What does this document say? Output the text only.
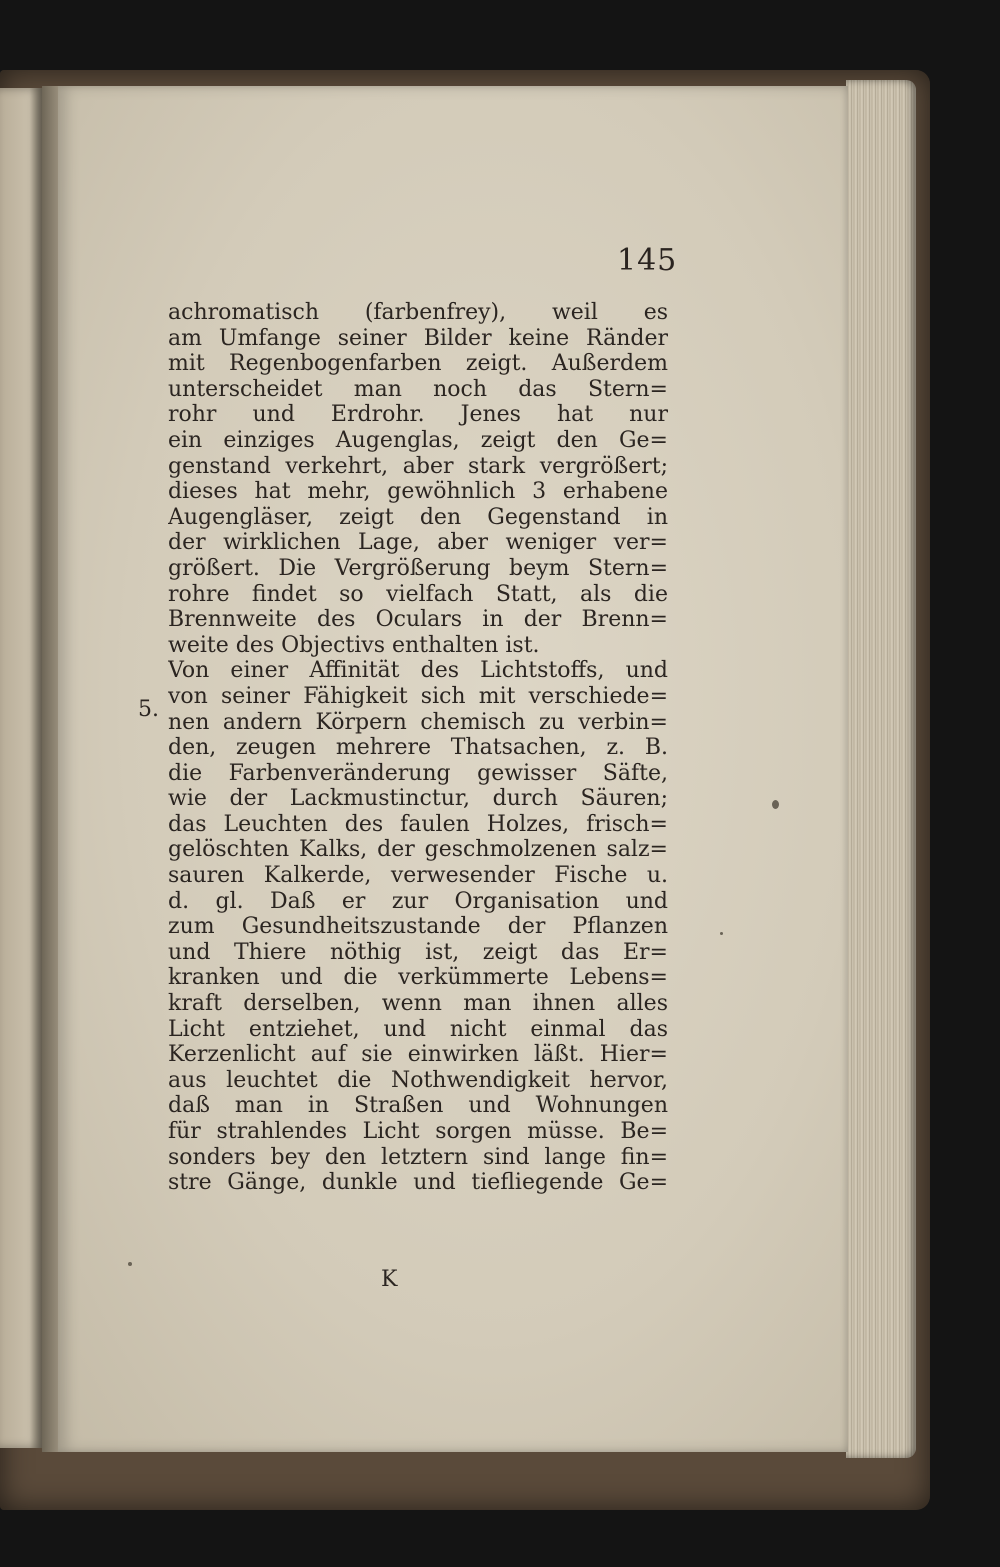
145
5.
achromatisch (farbenfrey), weil es
am Umfange seiner Bilder keine Ränder
mit Regenbogenfarben zeigt. Außerdem
unterscheidet man noch das Stern=
rohr und Erdrohr. Jenes hat nur
ein einziges Augenglas, zeigt den Ge=
genstand verkehrt, aber stark vergrößert;
dieses hat mehr, gewöhnlich 3 erhabene
Augengläser, zeigt den Gegenstand in
der wirklichen Lage, aber weniger ver=
größert. Die Vergrößerung beym Stern=
rohre findet so vielfach Statt, als die
Brennweite des Oculars in der Brenn=
weite des Objectivs enthalten ist.
Von einer Affinität des Lichtstoffs, und
von seiner Fähigkeit sich mit verschiede=
nen andern Körpern chemisch zu verbin=
den, zeugen mehrere Thatsachen, z. B.
die Farbenveränderung gewisser Säfte,
wie der Lackmustinctur, durch Säuren;
das Leuchten des faulen Holzes, frisch=
gelöschten Kalks, der geschmolzenen salz=
sauren Kalkerde, verwesender Fische u.
d. gl. Daß er zur Organisation und
zum Gesundheitszustande der Pflanzen
und Thiere nöthig ist, zeigt das Er=
kranken und die verkümmerte Lebens=
kraft derselben, wenn man ihnen alles
Licht entziehet, und nicht einmal das
Kerzenlicht auf sie einwirken läßt. Hier=
aus leuchtet die Nothwendigkeit hervor,
daß man in Straßen und Wohnungen
für strahlendes Licht sorgen müsse. Be=
sonders bey den letztern sind lange fin=
stre Gänge, dunkle und tiefliegende Ge=
K
